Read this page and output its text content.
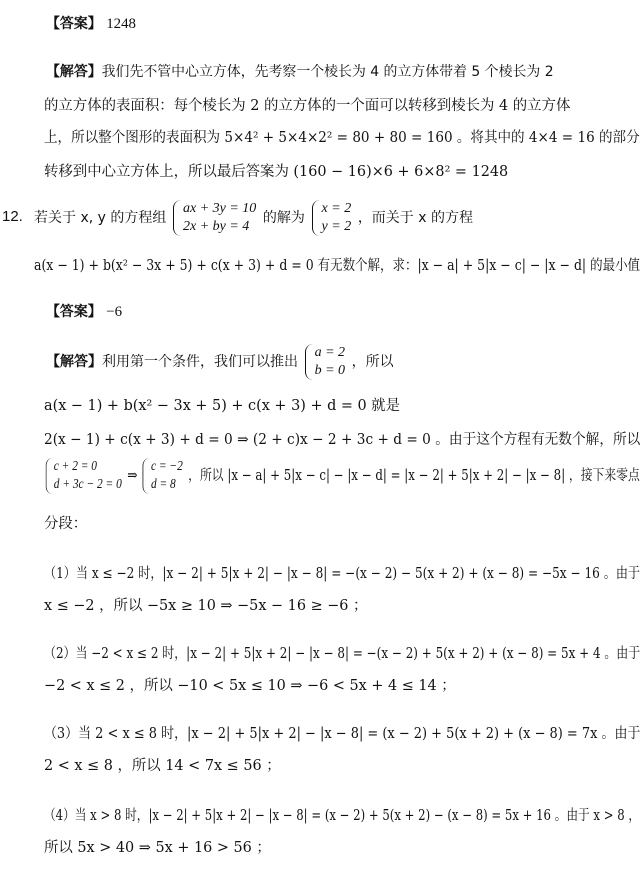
【答案】 1248
【解答】我们先不管中心立方体，先考察一个棱长为 4 的立方体带着 5 个棱长为 2
的立方体的表面积：每个棱长为 2 的立方体的一个面可以转移到棱长为 4 的立方体
上，所以整个图形的表面积为 5×4² + 5×4×2² = 80 + 80 = 160 。将其中的 4×4 = 16 的部分
转移到中心立方体上，所以最后答案为 (160 − 16)×6 + 6×8² = 1248
12. 若关于 x, y 的方程组
ax + 3y = 10
2x + by = 4
的解为
x = 2
y = 2
，而关于 x 的方程
a(x − 1) + b(x² − 3x + 5) + c(x + 3) + d = 0 有无数个解，求：|x − a| + 5|x − c| − |x − d| 的最小值
【答案】 −6
【解答】利用第一个条件，我们可以推出
a = 2
b = 0
，所以
a(x − 1) + b(x² − 3x + 5) + c(x + 3) + d = 0 就是
2(x − 1) + c(x + 3) + d = 0 ⇒ (2 + c)x − 2 + 3c + d = 0 。由于这个方程有无数个解，所以
c + 2 = 0
d + 3c − 2 = 0
⇒
c = −2
d = 8
，所以 |x − a| + 5|x − c| − |x − d| = |x − 2| + 5|x + 2| − |x − 8| ，接下来零点
分段：
（1）当 x ≤ −2 时，|x − 2| + 5|x + 2| − |x − 8| = −(x − 2) − 5(x + 2) + (x − 8) = −5x − 16 。由于
x ≤ −2 ，所以 −5x ≥ 10 ⇒ −5x − 16 ≥ −6 ；
（2）当 −2 < x ≤ 2 时，|x − 2| + 5|x + 2| − |x − 8| = −(x − 2) + 5(x + 2) + (x − 8) = 5x + 4 。由于
−2 < x ≤ 2 ，所以 −10 < 5x ≤ 10 ⇒ −6 < 5x + 4 ≤ 14 ；
（3）当 2 < x ≤ 8 时，|x − 2| + 5|x + 2| − |x − 8| = (x − 2) + 5(x + 2) + (x − 8) = 7x 。由于
2 < x ≤ 8 ，所以 14 < 7x ≤ 56 ；
（4）当 x > 8 时，|x − 2| + 5|x + 2| − |x − 8| = (x − 2) + 5(x + 2) − (x − 8) = 5x + 16 。由于 x > 8 ，
所以 5x > 40 ⇒ 5x + 16 > 56 ；
